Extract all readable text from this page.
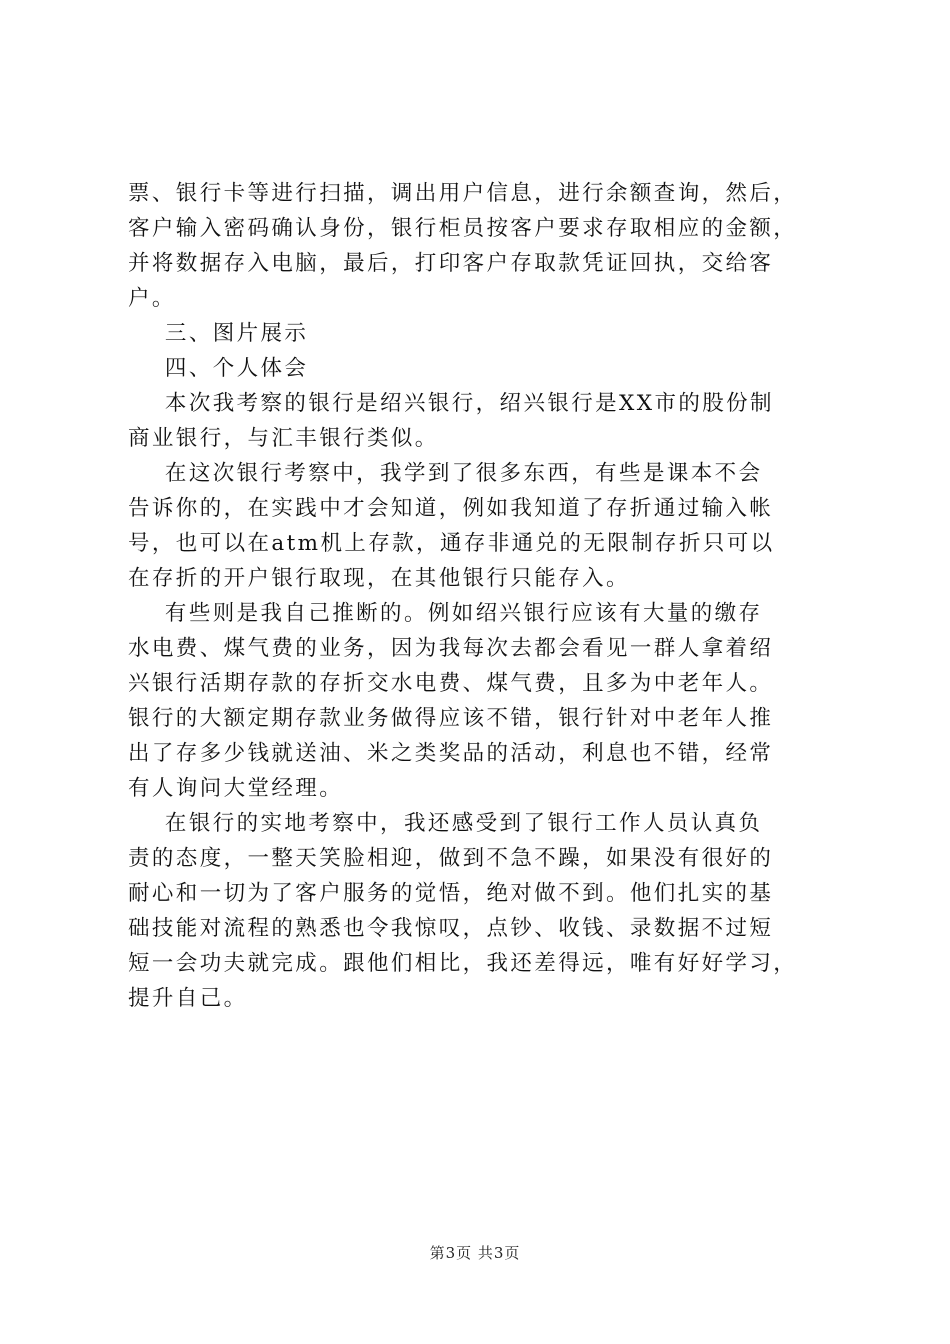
票、银行卡等进行扫描，调出用户信息，进行余额查询，然后，
客户输入密码确认身份，银行柜员按客户要求存取相应的金额，
并将数据存入电脑，最后，打印客户存取款凭证回执，交给客
户。
三、图片展示
四、个人体会
本次我考察的银行是绍兴银行，绍兴银行是XX市的股份制
商业银行，与汇丰银行类似。
在这次银行考察中，我学到了很多东西，有些是课本不会
告诉你的，在实践中才会知道，例如我知道了存折通过输入帐
号，也可以在atm机上存款，通存非通兑的无限制存折只可以
在存折的开户银行取现，在其他银行只能存入。
有些则是我自己推断的。例如绍兴银行应该有大量的缴存
水电费、煤气费的业务，因为我每次去都会看见一群人拿着绍
兴银行活期存款的存折交水电费、煤气费，且多为中老年人。
银行的大额定期存款业务做得应该不错，银行针对中老年人推
出了存多少钱就送油、米之类奖品的活动，利息也不错，经常
有人询问大堂经理。
在银行的实地考察中，我还感受到了银行工作人员认真负
责的态度，一整天笑脸相迎，做到不急不躁，如果没有很好的
耐心和一切为了客户服务的觉悟，绝对做不到。他们扎实的基
础技能对流程的熟悉也令我惊叹，点钞、收钱、录数据不过短
短一会功夫就完成。跟他们相比，我还差得远，唯有好好学习，
提升自己。
第3页 共3页
